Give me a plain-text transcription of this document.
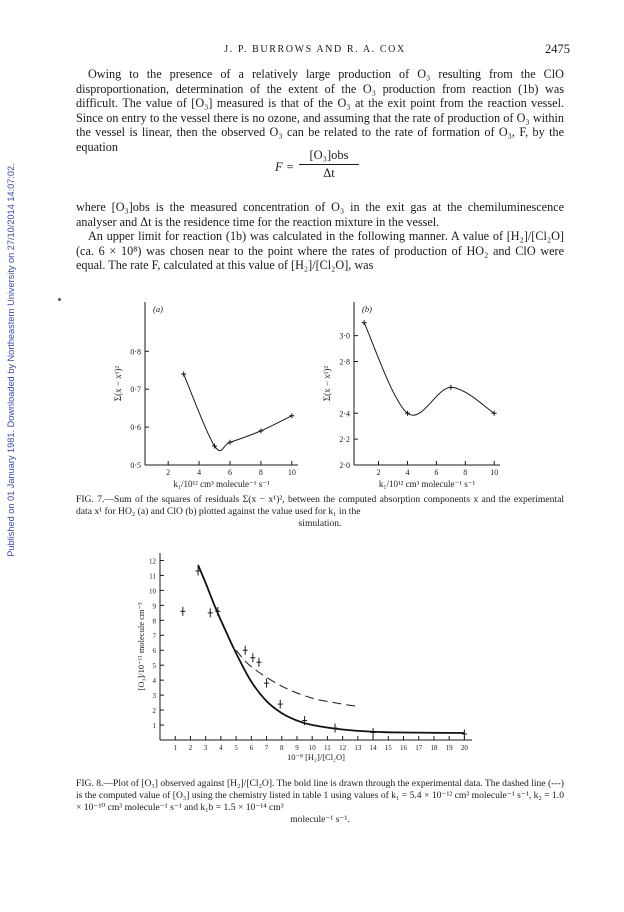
Published on 01 January 1981. Downloaded by Northeastern University on 27/10/2014 14:07:02.
J. P. BURROWS AND R. A. COX	2475

Owing to the presence of a relatively large production of O₃ resulting from the ClO disproportionation, determination of the extent of the O₃ production from reaction (1b) was difficult. The value of [O₃] measured is that of the O₃ at the exit point from the reaction vessel. Since on entry to the vessel there is no ozone, and assuming that the rate of production of O₃ within the vessel is linear, then the observed O₃ can be related to the rate of formation of O₃, F, by the equation

F =
[O₃]obs
Δt

where [O₃]obs is the measured concentration of O₃ in the exit gas at the chemiluminescence analyser and Δt is the residence time for the reaction mixture in the vessel.

An upper limit for reaction (1b) was calculated in the following manner. A value of [H₂]/[Cl₂O] (ca. 6 × 10⁸) was chosen near to the point where the rates of production of HO₂ and ClO were equal. The rate F, calculated at this value of [H₂]/[Cl₂O], was

2	4	6	8	10
0·5
0·6
0·7
0·8
(a)
k₁/10¹² cm³ molecule⁻¹ s⁻¹
Σ(x − x¹)²
2	4	6	8	10
2·0
2·2
2·4
2·8
3·0
(b)
k₁/10¹² cm³ molecule⁻¹ s⁻¹
Σ(x − x¹)²
1 2 3 4 5 6 7 8 9 10 11 12 13 14 15 16 17 18 19 20
1
2
3
4
5
6
7
8
9
10
11
12
10⁻⁸ [H₂]/[Cl₂O]
[O₃]/10⁻¹¹ molecule cm⁻³

FIG. 7.—Sum of the squares of residuals Σ(x − x¹)², between the computed absorption components x and the experimental data x¹ for HO₂ (a) and ClO (b) plotted against the value used for k₁ in the
simulation.

FIG. 8.—Plot of [O₃] observed against [H₂]/[Cl₂O]. The bold line is drawn through the experimental data. The dashed line (---) is the computed value of [O₃] using the chemistry listed in table 1 using values of k₁ = 5.4 × 10⁻¹² cm³ molecule⁻¹ s⁻¹, k₂ = 1.0 × 10⁻¹⁰ cm³ molecule⁻¹ s⁻¹ and k₁b = 1.5 × 10⁻¹⁴ cm³
molecule⁻¹ s⁻¹.
